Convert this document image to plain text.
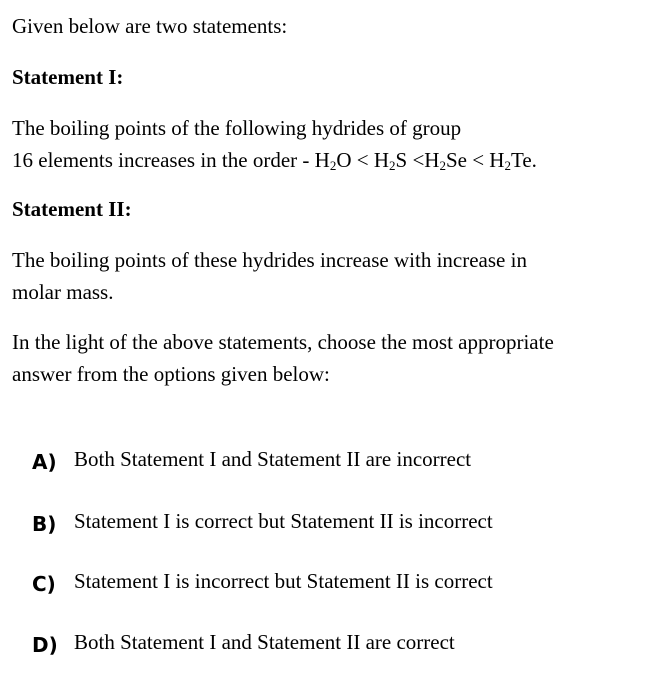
Given below are two statements:
Statement I:
The boiling points of the following hydrides of group
16 elements increases in the order - $H_2O < H_2S <H_2Se < H_2Te$.
Statement II:
The boiling points of these hydrides increase with increase in molar mass.
In the light of the above statements, choose the most appropriate answer from the options given below:
A) Both Statement I and Statement II are incorrect
B) Statement I is correct but Statement II is incorrect
C) Statement I is incorrect but Statement II is correct
D) Both Statement I and Statement II are correct
